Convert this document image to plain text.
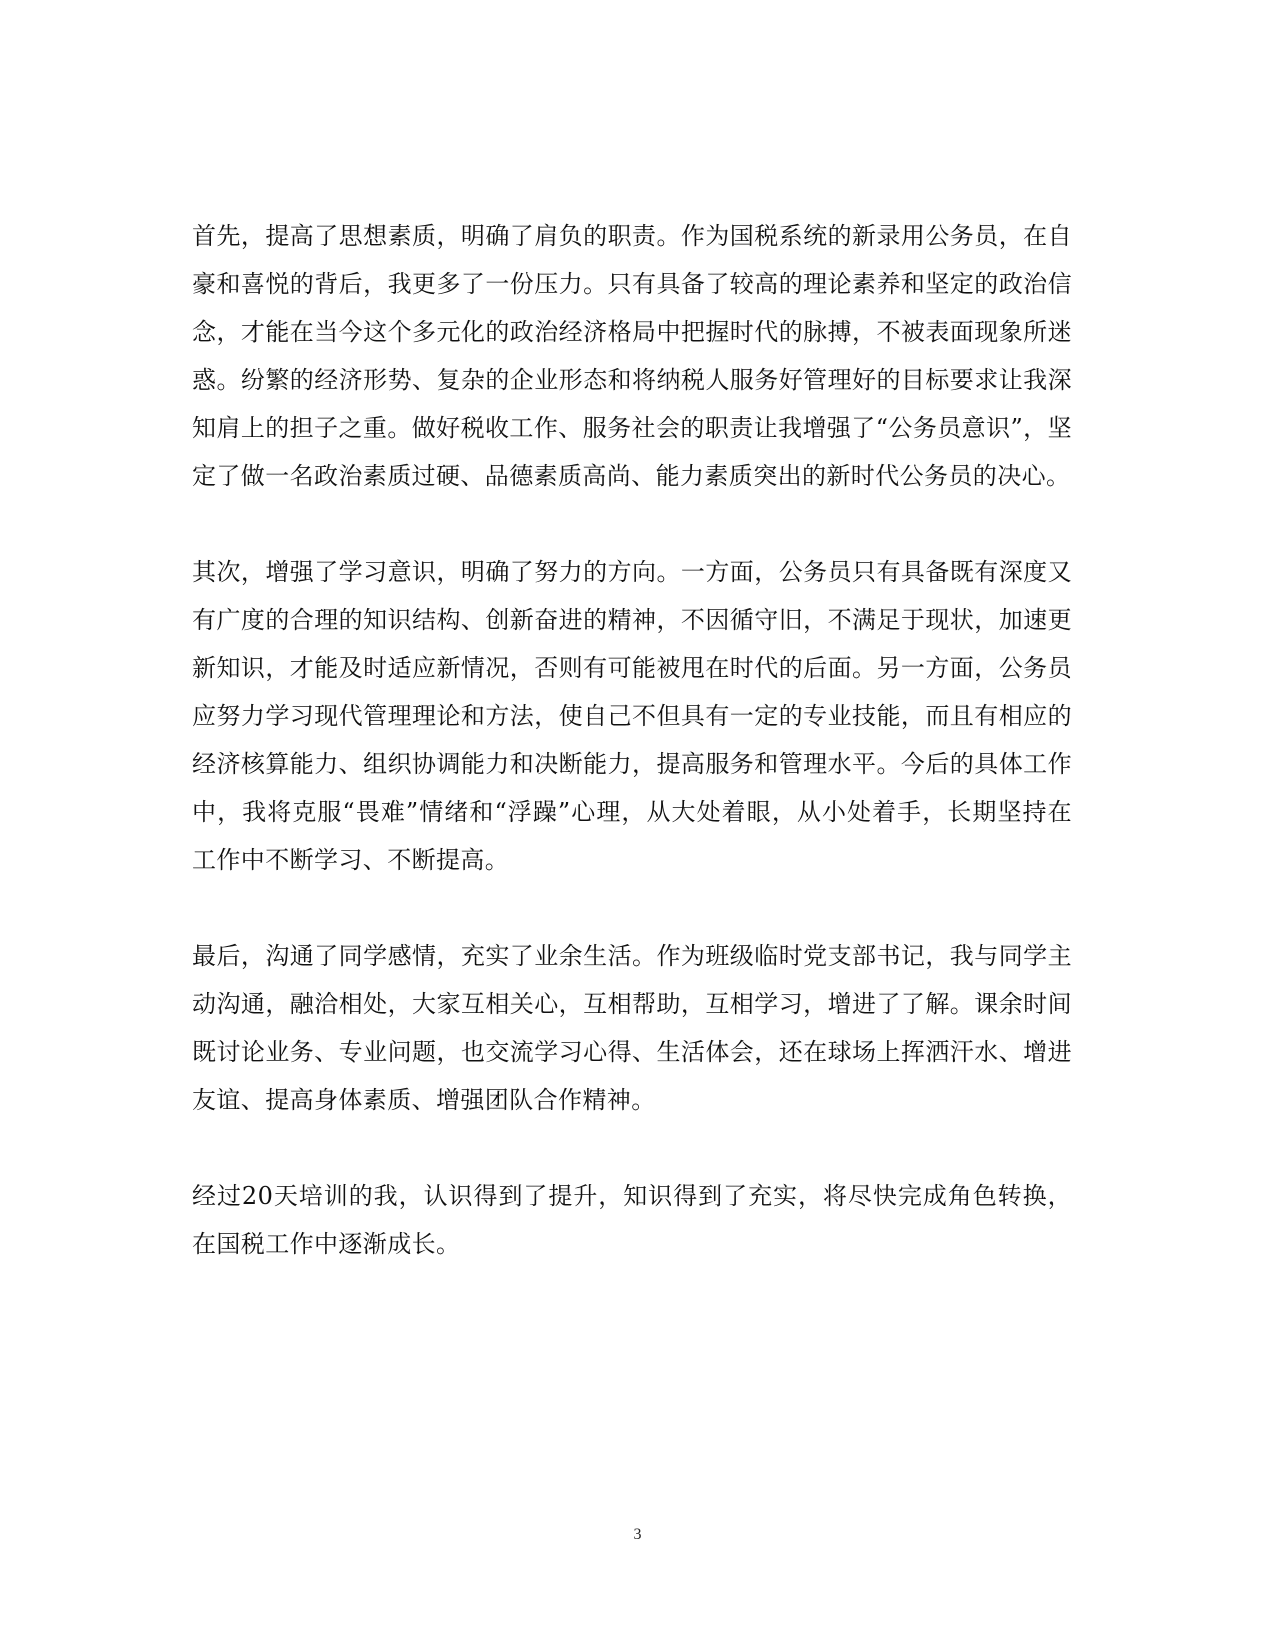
首先，提高了思想素质，明确了肩负的职责。作为国税系统的新录用公务员，在自豪和喜悦的背后，我更多了一份压力。只有具备了较高的理论素养和坚定的政治信念，才能在当今这个多元化的政治经济格局中把握时代的脉搏，不被表面现象所迷惑。纷繁的经济形势、复杂的企业形态和将纳税人服务好管理好的目标要求让我深知肩上的担子之重。做好税收工作、服务社会的职责让我增强了“公务员意识”，坚定了做一名政治素质过硬、品德素质高尚、能力素质突出的新时代公务员的决心。

其次，增强了学习意识，明确了努力的方向。一方面，公务员只有具备既有深度又有广度的合理的知识结构、创新奋进的精神，不因循守旧，不满足于现状，加速更新知识，才能及时适应新情况，否则有可能被甩在时代的后面。另一方面，公务员应努力学习现代管理理论和方法，使自己不但具有一定的专业技能，而且有相应的经济核算能力、组织协调能力和决断能力，提高服务和管理水平。今后的具体工作中，我将克服“畏难”情绪和“浮躁”心理，从大处着眼，从小处着手，长期坚持在工作中不断学习、不断提高。

最后，沟通了同学感情，充实了业余生活。作为班级临时党支部书记，我与同学主动沟通，融洽相处，大家互相关心，互相帮助，互相学习，增进了了解。课余时间既讨论业务、专业问题，也交流学习心得、生活体会，还在球场上挥洒汗水、增进友谊、提高身体素质、增强团队合作精神。

经过20天培训的我，认识得到了提升，知识得到了充实，将尽快完成角色转换，在国税工作中逐渐成长。

3
